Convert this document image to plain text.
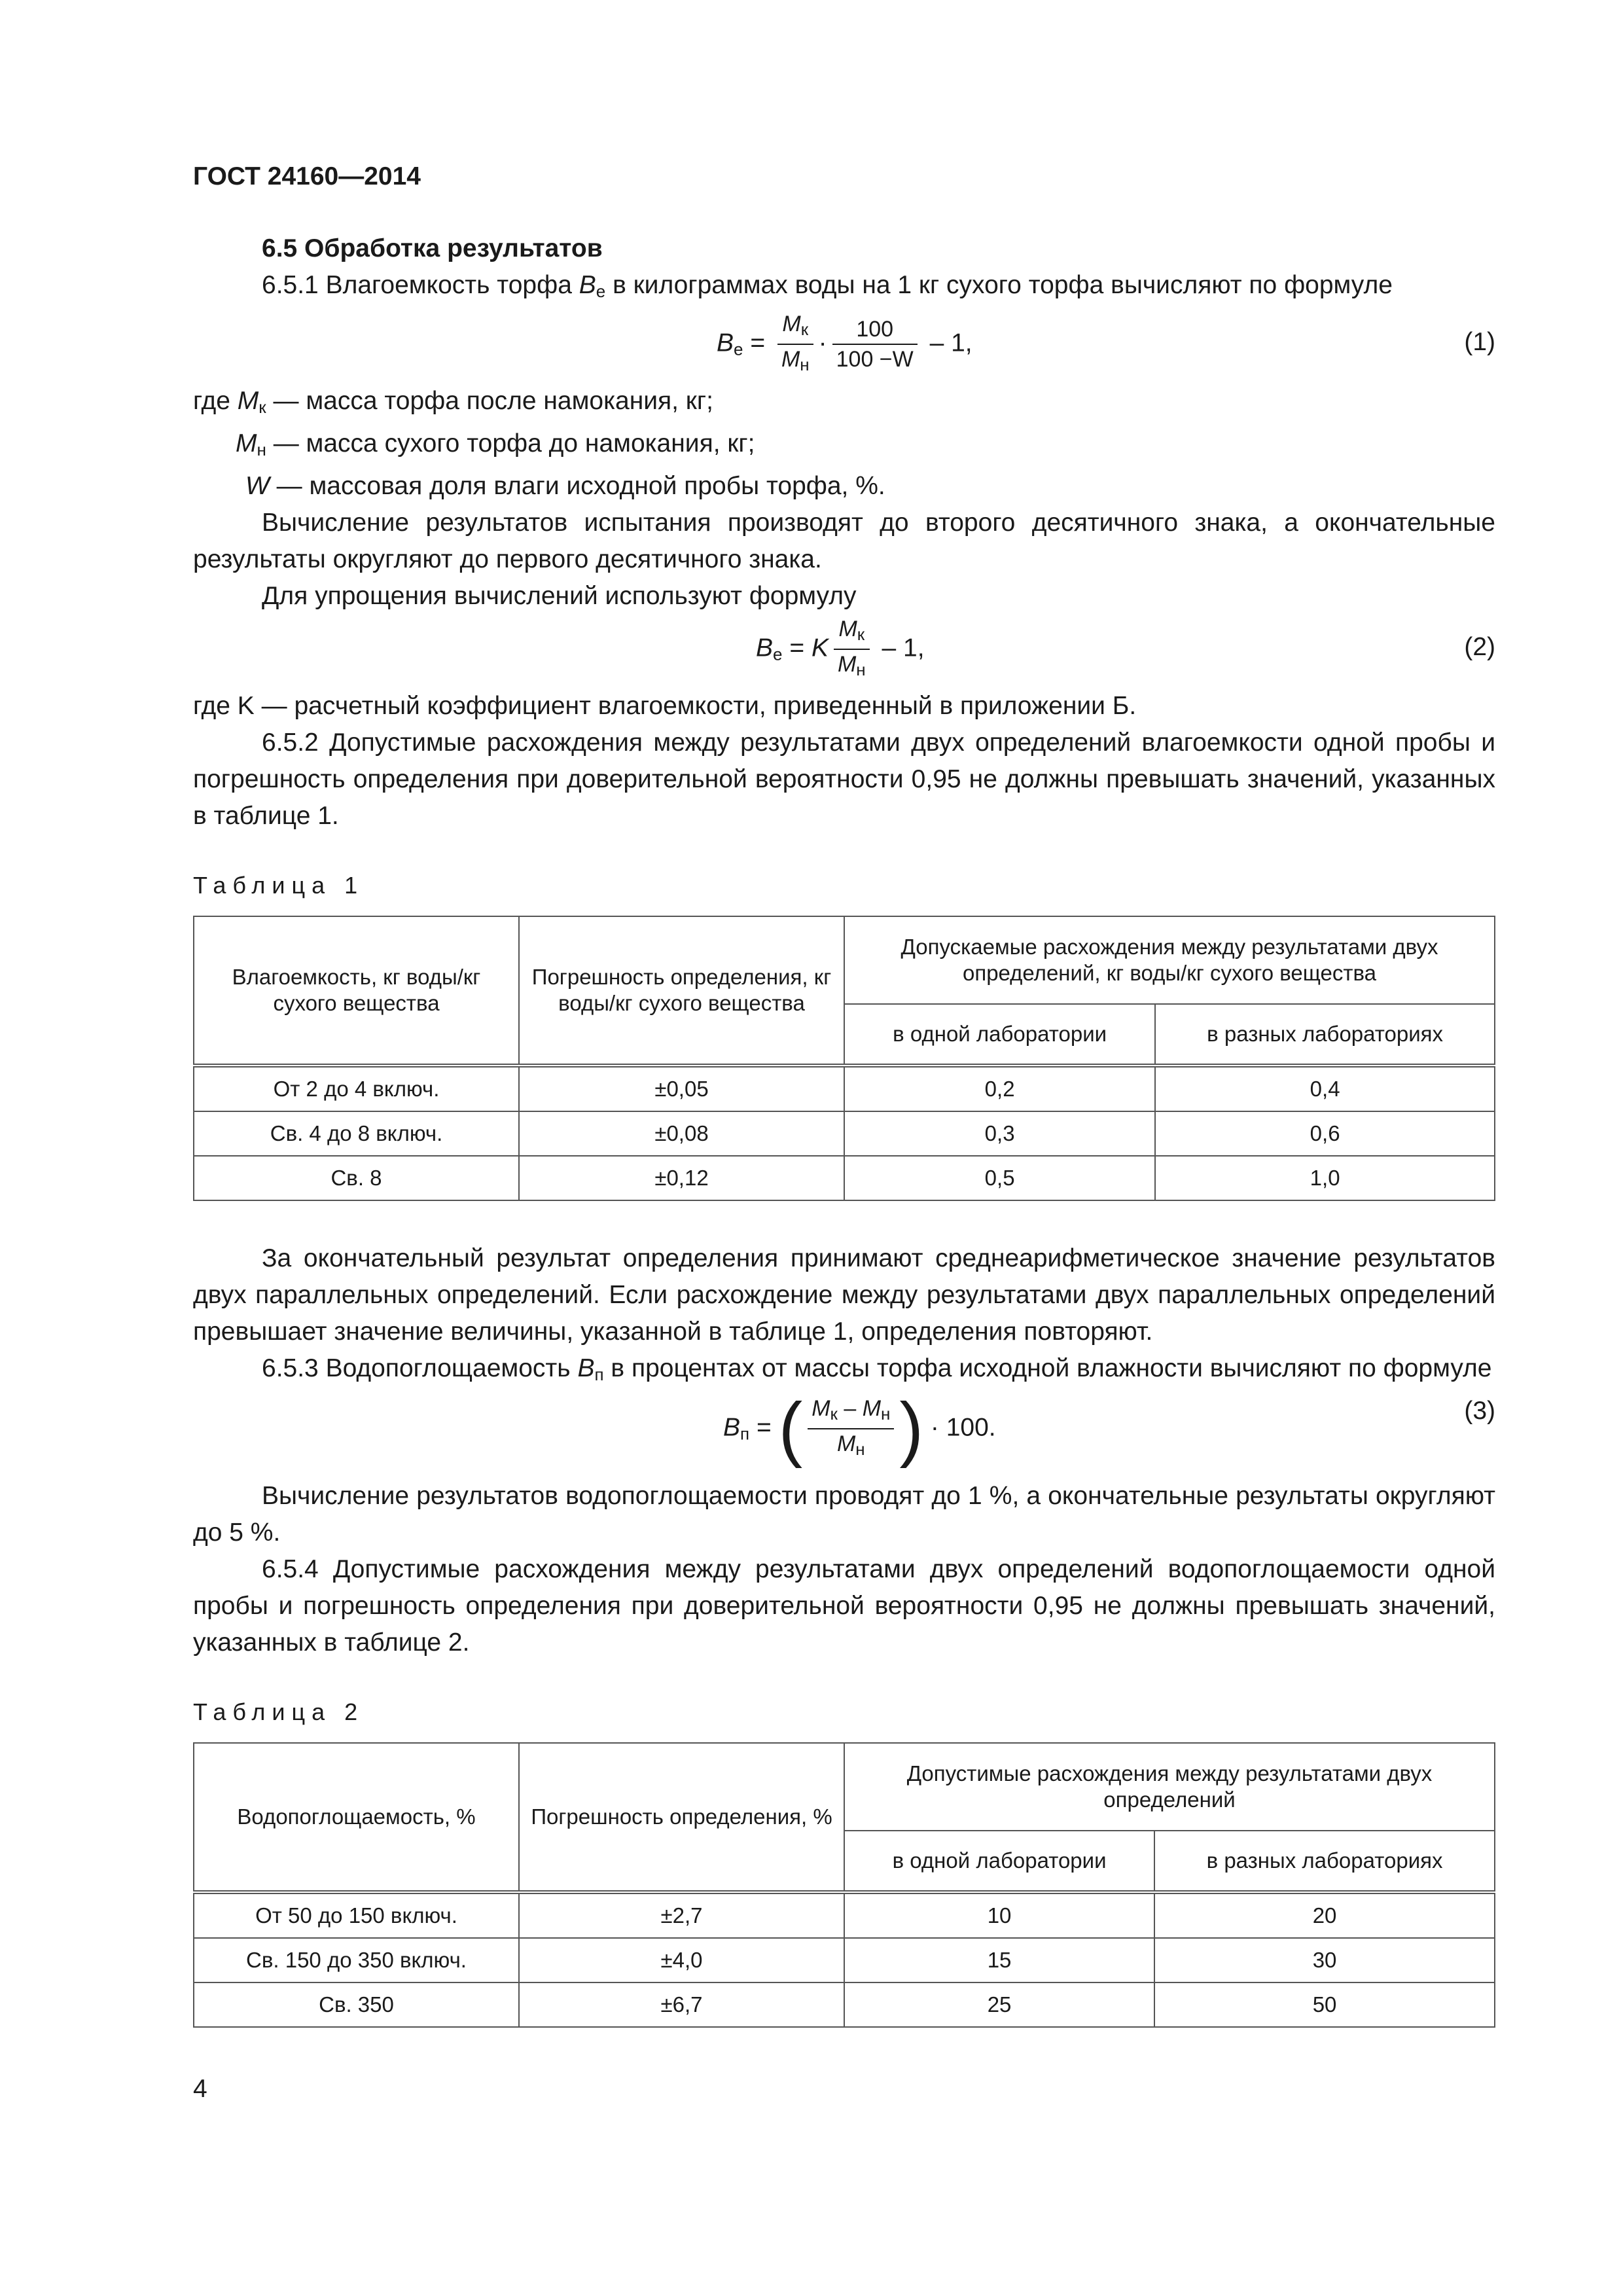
ГОСТ 24160—2014

6.5 Обработка результатов

6.5.1 Влагоемкость торфа $B_e$ в килограммах воды на 1 кг сухого торфа вычисляют по формуле

$B_e = \frac{M_к}{M_н} \cdot \frac{100}{100 -W} - 1$,	(1)
где $M_к$ — масса торфа после намокания, кг;
$M_н$ — масса сухого торфа до намокания, кг;
W — массовая доля влаги исходной пробы торфа, %.

Вычисление результатов испытания производят до второго десятичного знака, а окончательные результаты округляют до первого десятичного знака.

Для упрощения вычислений используют формулу

$B_e = K \frac{M_к}{M_н} - 1$,	(2)

где K — расчетный коэффициент влагоемкости, приведенный в приложении Б.

6.5.2 Допустимые расхождения между результатами двух определений влагоемкости одной пробы и погрешность определения при доверительной вероятности 0,95 не должны превышать значений, указанных в таблице 1.

Таблица 1
Влагоемкость, кг воды/кг сухого вещества	Погрешность определения, кг воды/кг сухого вещества	Допускаемые расхождения между результатами двух определений, кг воды/кг сухого вещества	
		в одной лаборатории	в разных лабораториях
От 2 до 4 включ.	±0,05	0,2	0,4
Св. 4 до 8 включ.	±0,08	0,3	0,6
Св. 8	±0,12	0,5	1,0

За окончательный результат определения принимают среднеарифметическое значение результатов двух параллельных определений. Если расхождение между результатами двух параллельных определений превышает значение величины, указанной в таблице 1, определения повторяют.

6.5.3 Водопоглощаемость $B_п$ в процентах от массы торфа исходной влажности вычисляют по формуле

$B_п$ = ( $\frac{M_к - M_н}{M_н}$ ) · 100.
(3)

Вычисление результатов водопоглощаемости проводят до 1 %, а окончательные результаты округляют до 5 %.

6.5.4 Допустимые расхождения между результатами двух определений водопоглощаемости одной пробы и погрешность определения при доверительной вероятности 0,95 не должны превышать значений, указанных в таблице 2.

Таблица 2
Водопоглощаемость, %	Погрешность определения, %	Допустимые расхождения между результатами двух определений	
		в одной лаборатории	в разных лабораториях
От 50 до 150 включ.	±2,7	10	20
Св. 150 до 350 включ.	±4,0	15	30
Св. 350	±6,7	25	50
4
